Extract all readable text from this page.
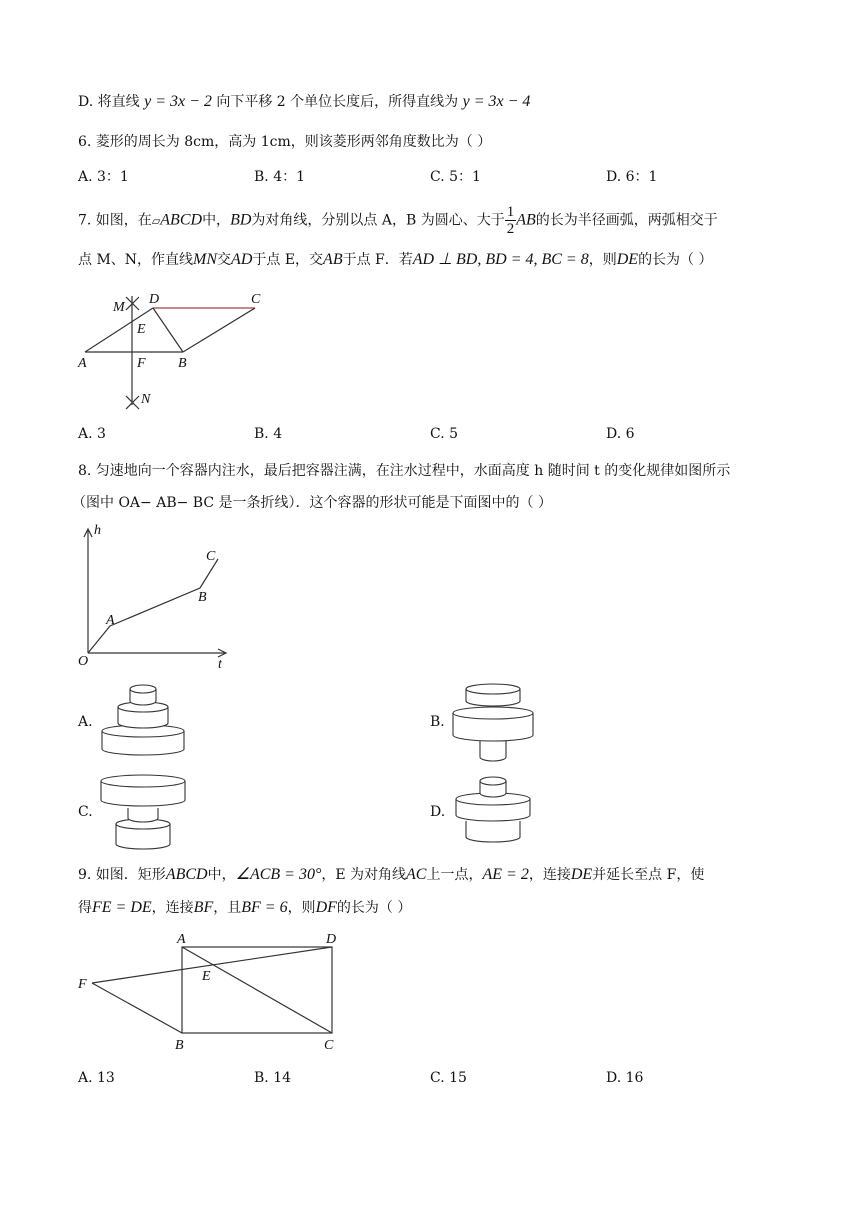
D. 将直线 y = 3x − 2 向下平移 2 个单位长度后，所得直线为 y = 3x − 4
6. 菱形的周长为 8cm，高为 1cm，则该菱形两邻角度数比为（ ）
A. 3：1	B. 4：1	C. 5：1	D. 6：1
7. 如图，在▱ABCD中，BD为对角线，分别以点 A，B 为圆心、大于 $\frac{1}{2}$ AB的长为半径画弧，两弧相交于
点 M、N，作直线MN交AD于点 E，交AB于点 F．若AD ⊥ BD, BD = 4, BC = 8，则DE的长为（ ）
M
D	C
E
A	F B
N
A. 3	B. 4	C. 5	D. 6
8. 匀速地向一个容器内注水，最后把容器注满，在注水过程中，水面高度 h 随时间 t 的变化规律如图所示
（图中 OA− AB− BC 是一条折线）．这个容器的形状可能是下面图中的（ ）
h
t
O
A
B
C
A.	B.
C.	D.
9. 如图．矩形ABCD中，∠ACB = 30°，E 为对角线AC上一点，AE = 2，连接DE并延长至点 F，使
得FE = DE，连接BF，且BF = 6，则DF的长为（ ）
A	D
E
F
B	C
A. 13	B. 14	C. 15	D. 16
